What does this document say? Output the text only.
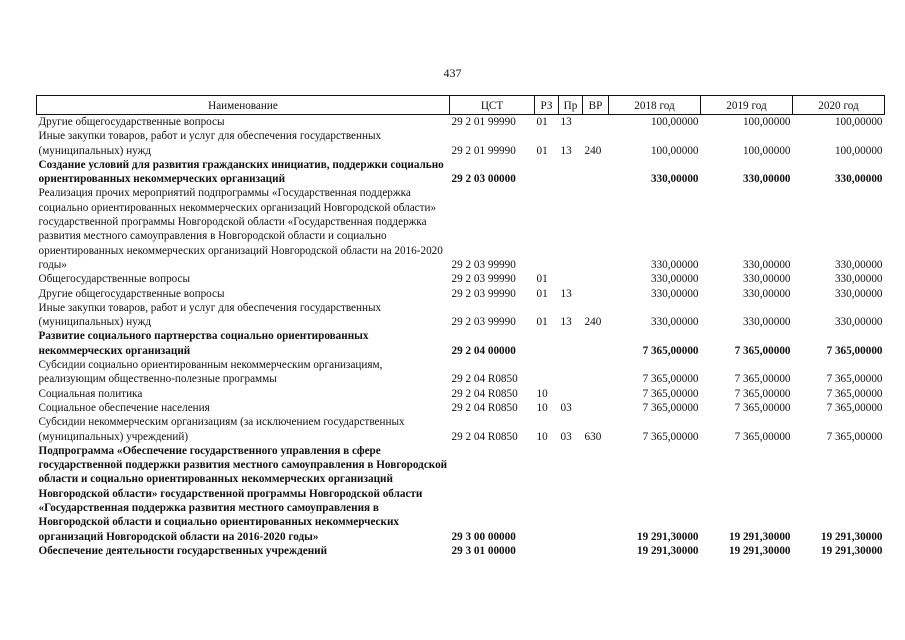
437
Наименование	ЦСТ	РЗ	Пр	ВР	2018 год	2019 год	2020 год
Другие общегосударственные вопросы	29 2 01 99990	01	13		100,00000	100,00000	100,00000
Иные закупки товаров, работ и услуг для обеспечения государственных (муниципальных) нужд	29 2 01 99990	01	13	240	100,00000	100,00000	100,00000
Создание условий для развития гражданских инициатив, поддержки социально ориентированных некоммерческих организаций	29 2 03 00000				330,00000	330,00000	330,00000
Реализация прочих мероприятий подпрограммы «Государственная поддержка социально ориентированных некоммерческих организаций Новгородской области» государственной программы Новгородской области «Государственная поддержка развития местного самоуправления в Новгородской области и социально ориентированных некоммерческих организаций Новгородской области на 2016-2020 годы»	29 2 03 99990				330,00000	330,00000	330,00000
Общегосударственные вопросы	29 2 03 99990	01			330,00000	330,00000	330,00000
Другие общегосударственные вопросы	29 2 03 99990	01	13		330,00000	330,00000	330,00000
Иные закупки товаров, работ и услуг для обеспечения государственных (муниципальных) нужд	29 2 03 99990	01	13	240	330,00000	330,00000	330,00000
Развитие социального партнерства социально ориентированных некоммерческих организаций	29 2 04 00000				7 365,00000	7 365,00000	7 365,00000
Субсидии социально ориентированным некоммерческим организациям, реализующим общественно-полезные программы	29 2 04 R0850				7 365,00000	7 365,00000	7 365,00000
Социальная политика	29 2 04 R0850	10			7 365,00000	7 365,00000	7 365,00000
Социальное обеспечение населения	29 2 04 R0850	10	03		7 365,00000	7 365,00000	7 365,00000
Субсидии некоммерческим организациям (за исключением государственных (муниципальных) учреждений)	29 2 04 R0850	10	03	630	7 365,00000	7 365,00000	7 365,00000
Подпрограмма «Обеспечение государственного управления в сфере государственной поддержки развития местного самоуправления в Новгородской области и социально ориентированных некоммерческих организаций Новгородской области» государственной программы Новгородской области «Государственная поддержка развития местного самоуправления в Новгородской области и социально ориентированных некоммерческих организаций Новгородской области на 2016-2020 годы»	29 3 00 00000				19 291,30000	19 291,30000	19 291,30000
Обеспечение деятельности государственных учреждений	29 3 01 00000				19 291,30000	19 291,30000	19 291,30000
